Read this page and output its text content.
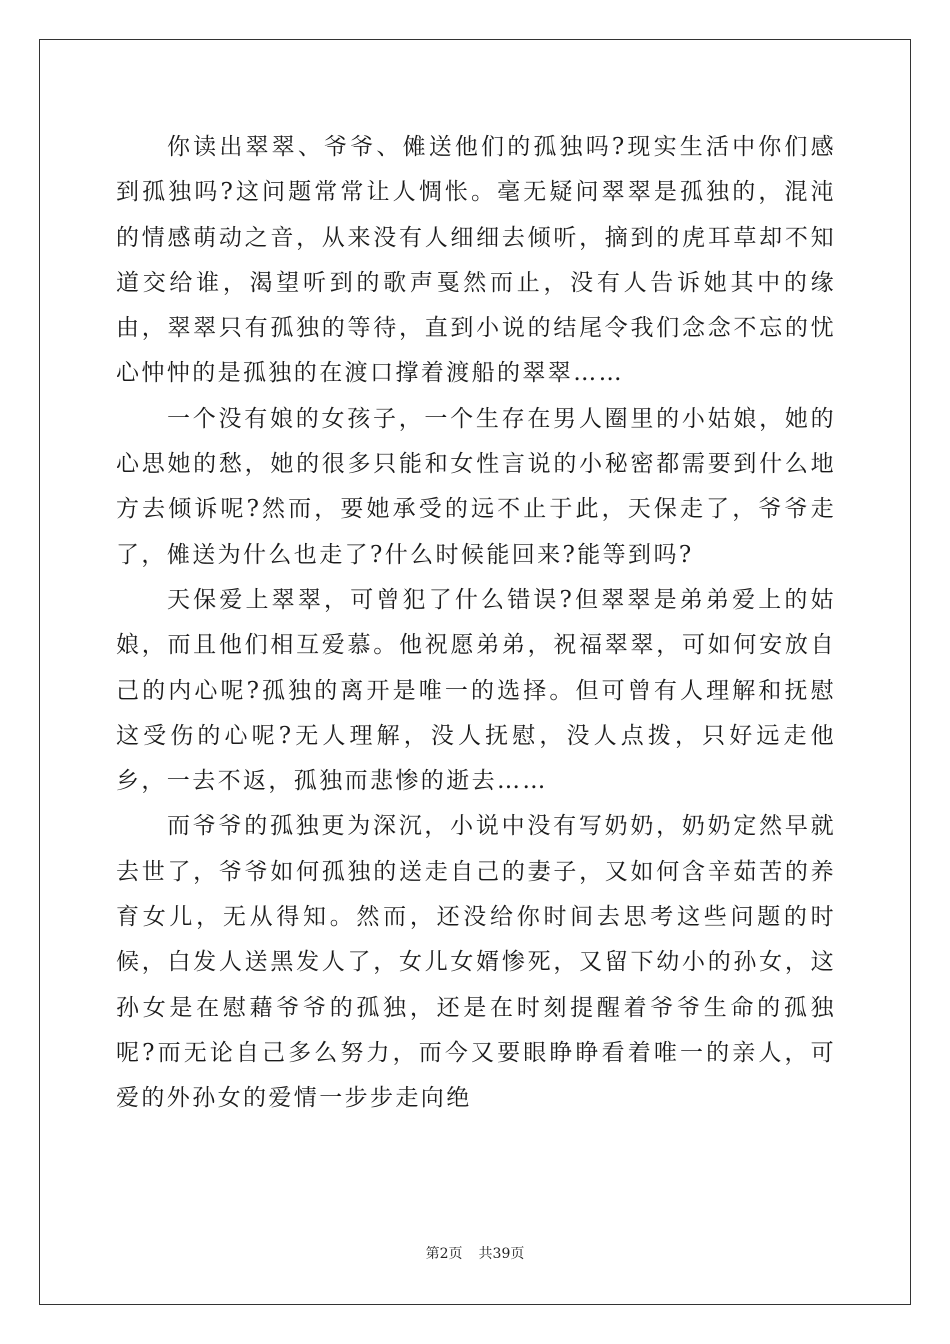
你读出翠翠、爷爷、傩送他们的孤独吗?现实生活中你们感到孤独吗?这问题常常让人惆怅。毫无疑问翠翠是孤独的，混沌的情感萌动之音，从来没有人细细去倾听，摘到的虎耳草却不知道交给谁，渴望听到的歌声戛然而止，没有人告诉她其中的缘由，翠翠只有孤独的等待，直到小说的结尾令我们念念不忘的忧心忡忡的是孤独的在渡口撑着渡船的翠翠……

一个没有娘的女孩子，一个生存在男人圈里的小姑娘，她的心思她的愁，她的很多只能和女性言说的小秘密都需要到什么地方去倾诉呢?然而，要她承受的远不止于此，天保走了，爷爷走了，傩送为什么也走了?什么时候能回来?能等到吗?

天保爱上翠翠，可曾犯了什么错误?但翠翠是弟弟爱上的姑娘，而且他们相互爱慕。他祝愿弟弟，祝福翠翠，可如何安放自己的内心呢?孤独的离开是唯一的选择。但可曾有人理解和抚慰这受伤的心呢?无人理解，没人抚慰，没人点拨，只好远走他乡，一去不返，孤独而悲惨的逝去……

而爷爷的孤独更为深沉，小说中没有写奶奶，奶奶定然早就去世了，爷爷如何孤独的送走自己的妻子，又如何含辛茹苦的养育女儿，无从得知。然而，还没给你时间去思考这些问题的时候，白发人送黑发人了，女儿女婿惨死，又留下幼小的孙女，这孙女是在慰藉爷爷的孤独，还是在时刻提醒着爷爷生命的孤独呢?而无论自己多么努力，而今又要眼睁睁看着唯一的亲人，可爱的外孙女的爱情一步步走向绝

第2页 共39页
